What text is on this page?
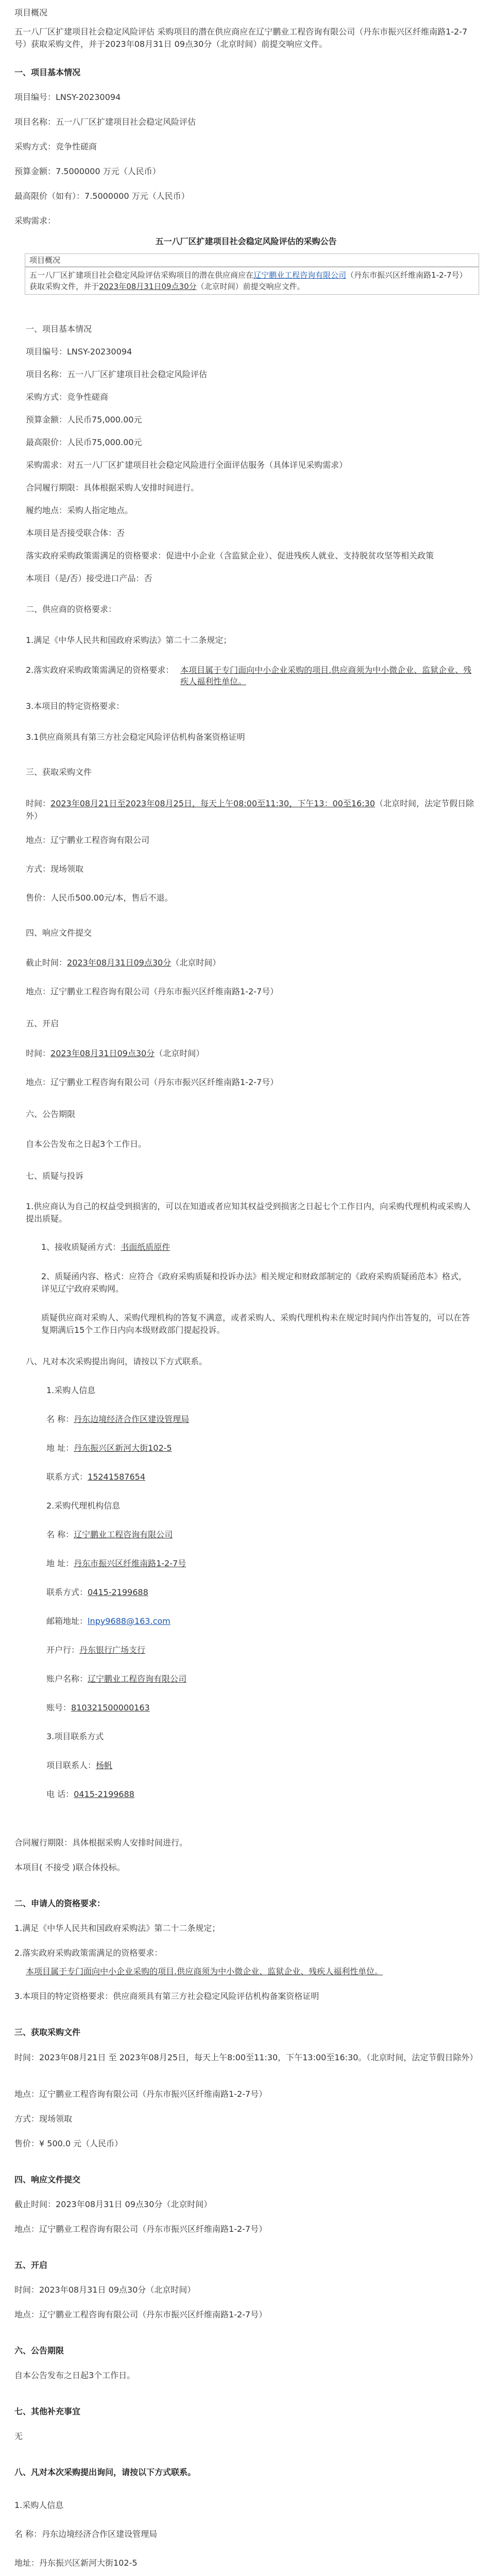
项目概况
五一八厂区扩建项目社会稳定风险评估 采购项目的潜在供应商应在辽宁鹏业工程咨询有限公司（丹东市振兴区纤维南路1-2-7号）获取采购文件，并于2023年08月31日 09点30分（北京时间）前提交响应文件。
一、项目基本情况
项目编号：LNSY-20230094
项目名称：五一八厂区扩建项目社会稳定风险评估
采购方式：竞争性磋商
预算金额：7.5000000 万元（人民币）
最高限价（如有）：7.5000000 万元（人民币）
采购需求：
五一八厂区扩建项目社会稳定风险评估的采购公告
项目概况
五一八厂区扩建项目社会稳定风险评估采购项目的潜在供应商应在辽宁鹏业工程咨询有限公司（丹东市振兴区纤维南路1-2-7号）获取采购文件，并于2023年08月31日09点30分（北京时间）前提交响应文件。
一、项目基本情况
项目编号：LNSY-20230094
项目名称：五一八厂区扩建项目社会稳定风险评估
采购方式：竞争性磋商
预算金额：人民币75,000.00元
最高限价：人民币75,000.00元
采购需求：对五一八厂区扩建项目社会稳定风险进行全面评估服务（具体详见采购需求）
合同履行期限：具体根据采购人安排时间进行。
履约地点：采购人指定地点。
本项目是否接受联合体：否
落实政府采购政策需满足的资格要求：促进中小企业（含监狱企业）、促进残疾人就业、支持脱贫攻坚等相关政策
本项目（是/否）接受进口产品：否
二、供应商的资格要求：
1.满足《中华人民共和国政府采购法》第二十二条规定；
2.落实政府采购政策需满足的资格要求： 本项目属于专门面向中小企业采购的项目.供应商须为中小微企业、监狱企业、残疾人福利性单位。
3.本项目的特定资格要求：
3.1供应商须具有第三方社会稳定风险评估机构备案资格证明
三、获取采购文件
时间：2023年08月21日至2023年08月25日，每天上午08:00至11:30，下午13：00至16:30（北京时间，法定节假日除外）
地点：辽宁鹏业工程咨询有限公司
方式：现场领取
售价：人民币500.00元/本，售后不退。
四、响应文件提交
截止时间：2023年08月31日09点30分（北京时间）
地点：辽宁鹏业工程咨询有限公司（丹东市振兴区纤维南路1-2-7号）
五、开启
时间：2023年08月31日09点30分（北京时间）
地点：辽宁鹏业工程咨询有限公司（丹东市振兴区纤维南路1-2-7号）
六、公告期限
自本公告发布之日起3个工作日。
七、质疑与投诉
1.供应商认为自己的权益受到损害的，可以在知道或者应知其权益受到损害之日起七个工作日内，向采购代理机构或采购人提出质疑。
1、接收质疑函方式：书面纸质原件
2、质疑函内容、格式：应符合《政府采购质疑和投诉办法》相关规定和财政部制定的《政府采购质疑函范本》格式，详见辽宁政府采购网。
质疑供应商对采购人、采购代理机构的答复不满意，或者采购人、采购代理机构未在规定时间内作出答复的，可以在答复期满后15个工作日内向本级财政部门提起投诉。
八、凡对本次采购提出询问，请按以下方式联系。
1.采购人信息
名 称：丹东边境经济合作区建设管理局
地 址：丹东振兴区新河大街102-5
联系方式：15241587654
2.采购代理机构信息
名 称：辽宁鹏业工程咨询有限公司
地 址：丹东市振兴区纤维南路1-2-7号
联系方式：0415-2199688
邮箱地址：lnpy9688@163.com
开户行：丹东银行广场支行
账户名称：辽宁鹏业工程咨询有限公司
账号：810321500000163
3.项目联系方式
项目联系人：杨帆
电 话：0415-2199688
合同履行期限：具体根据采购人安排时间进行。
本项目( 不接受 )联合体投标。
二、申请人的资格要求：
1.满足《中华人民共和国政府采购法》第二十二条规定；
2.落实政府采购政策需满足的资格要求：
本项目属于专门面向中小企业采购的项目.供应商须为中小微企业、监狱企业、残疾人福利性单位。
3.本项目的特定资格要求：供应商须具有第三方社会稳定风险评估机构备案资格证明
三、获取采购文件
时间：2023年08月21日 至 2023年08月25日，每天上午8:00至11:30，下午13:00至16:30。（北京时间，法定节假日除外）
地点：辽宁鹏业工程咨询有限公司（丹东市振兴区纤维南路1-2-7号）
方式：现场领取
售价：¥ 500.0 元（人民币）
四、响应文件提交
截止时间：2023年08月31日 09点30分（北京时间）
地点：辽宁鹏业工程咨询有限公司（丹东市振兴区纤维南路1-2-7号）
五、开启
时间：2023年08月31日 09点30分（北京时间）
地点：辽宁鹏业工程咨询有限公司（丹东市振兴区纤维南路1-2-7号）
六、公告期限
自本公告发布之日起3个工作日。
七、其他补充事宜
无
八、凡对本次采购提出询问，请按以下方式联系。
1.采购人信息
名 称：丹东边境经济合作区建设管理局
地址：丹东振兴区新河大街102-5
